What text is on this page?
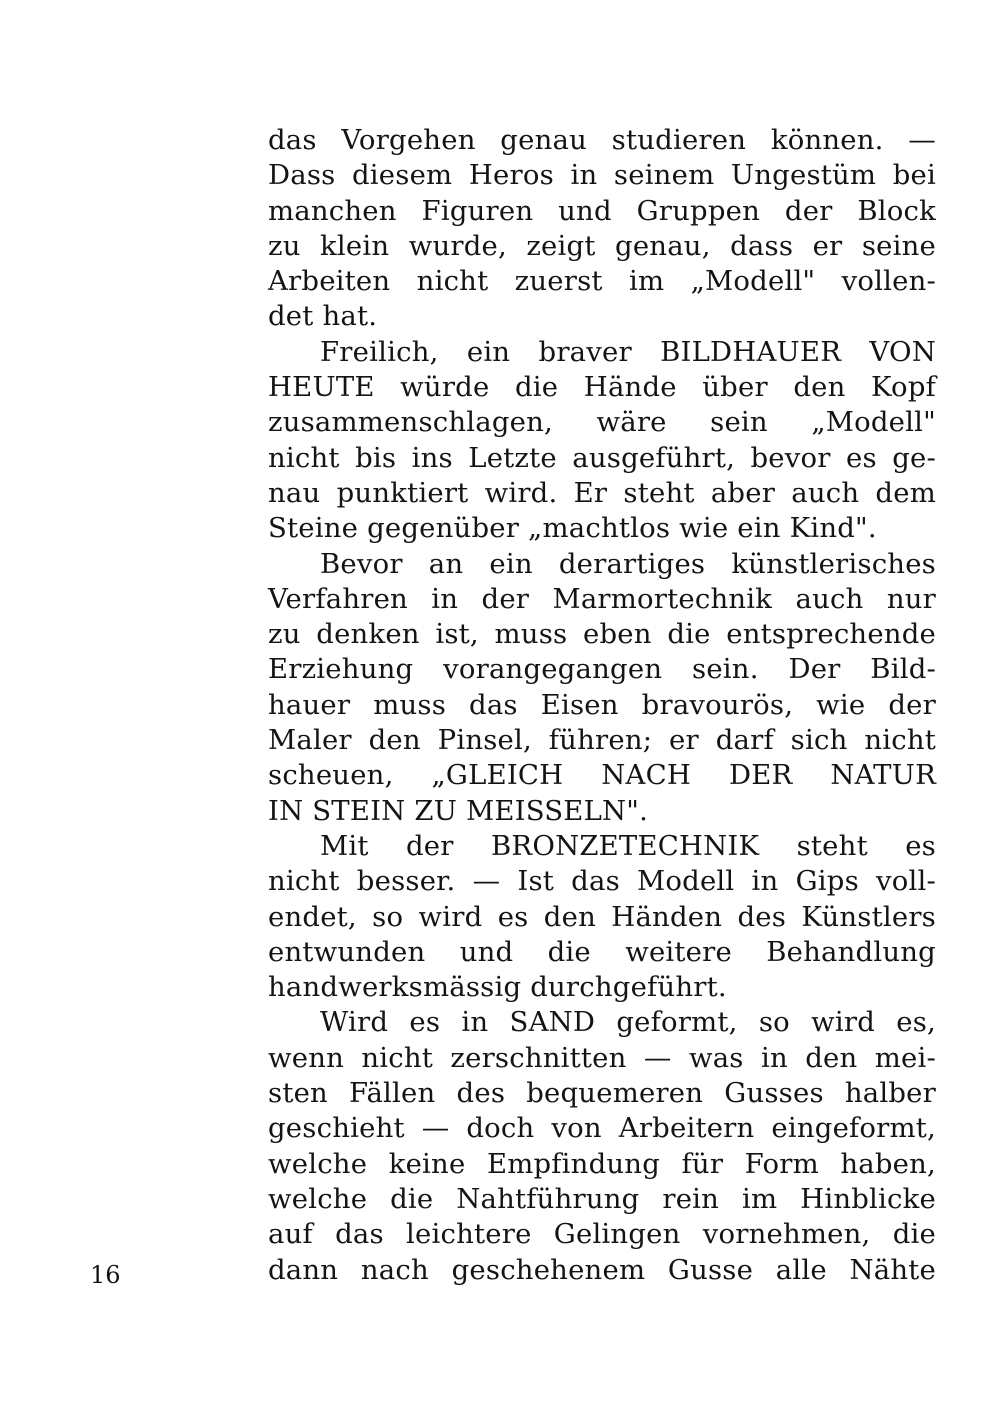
das Vorgehen genau studieren können. —
Dass diesem Heros in seinem Ungestüm bei
manchen Figuren und Gruppen der Block
zu klein wurde, zeigt genau, dass er seine
Arbeiten nicht zuerst im „Modell" vollen-
det hat.
Freilich, ein braver BILDHAUER VON
HEUTE würde die Hände über den Kopf
zusammenschlagen, wäre sein „Modell"
nicht bis ins Letzte ausgeführt, bevor es ge-
nau punktiert wird. Er steht aber auch dem
Steine gegenüber „machtlos wie ein Kind".
Bevor an ein derartiges künstlerisches
Verfahren in der Marmortechnik auch nur
zu denken ist, muss eben die entsprechende
Erziehung vorangegangen sein. Der Bild-
hauer muss das Eisen bravourös, wie der
Maler den Pinsel, führen; er darf sich nicht
scheuen, „GLEICH NACH DER NATUR
IN STEIN ZU MEISSELN".
Mit der BRONZETECHNIK steht es
nicht besser. — Ist das Modell in Gips voll-
endet, so wird es den Händen des Künstlers
entwunden und die weitere Behandlung
handwerksmässig durchgeführt.
Wird es in SAND geformt, so wird es,
wenn nicht zerschnitten — was in den mei-
sten Fällen des bequemeren Gusses halber
geschieht — doch von Arbeitern eingeformt,
welche keine Empfindung für Form haben,
welche die Nahtführung rein im Hinblicke
auf das leichtere Gelingen vornehmen, die
dann nach geschehenem Gusse alle Nähte
16
